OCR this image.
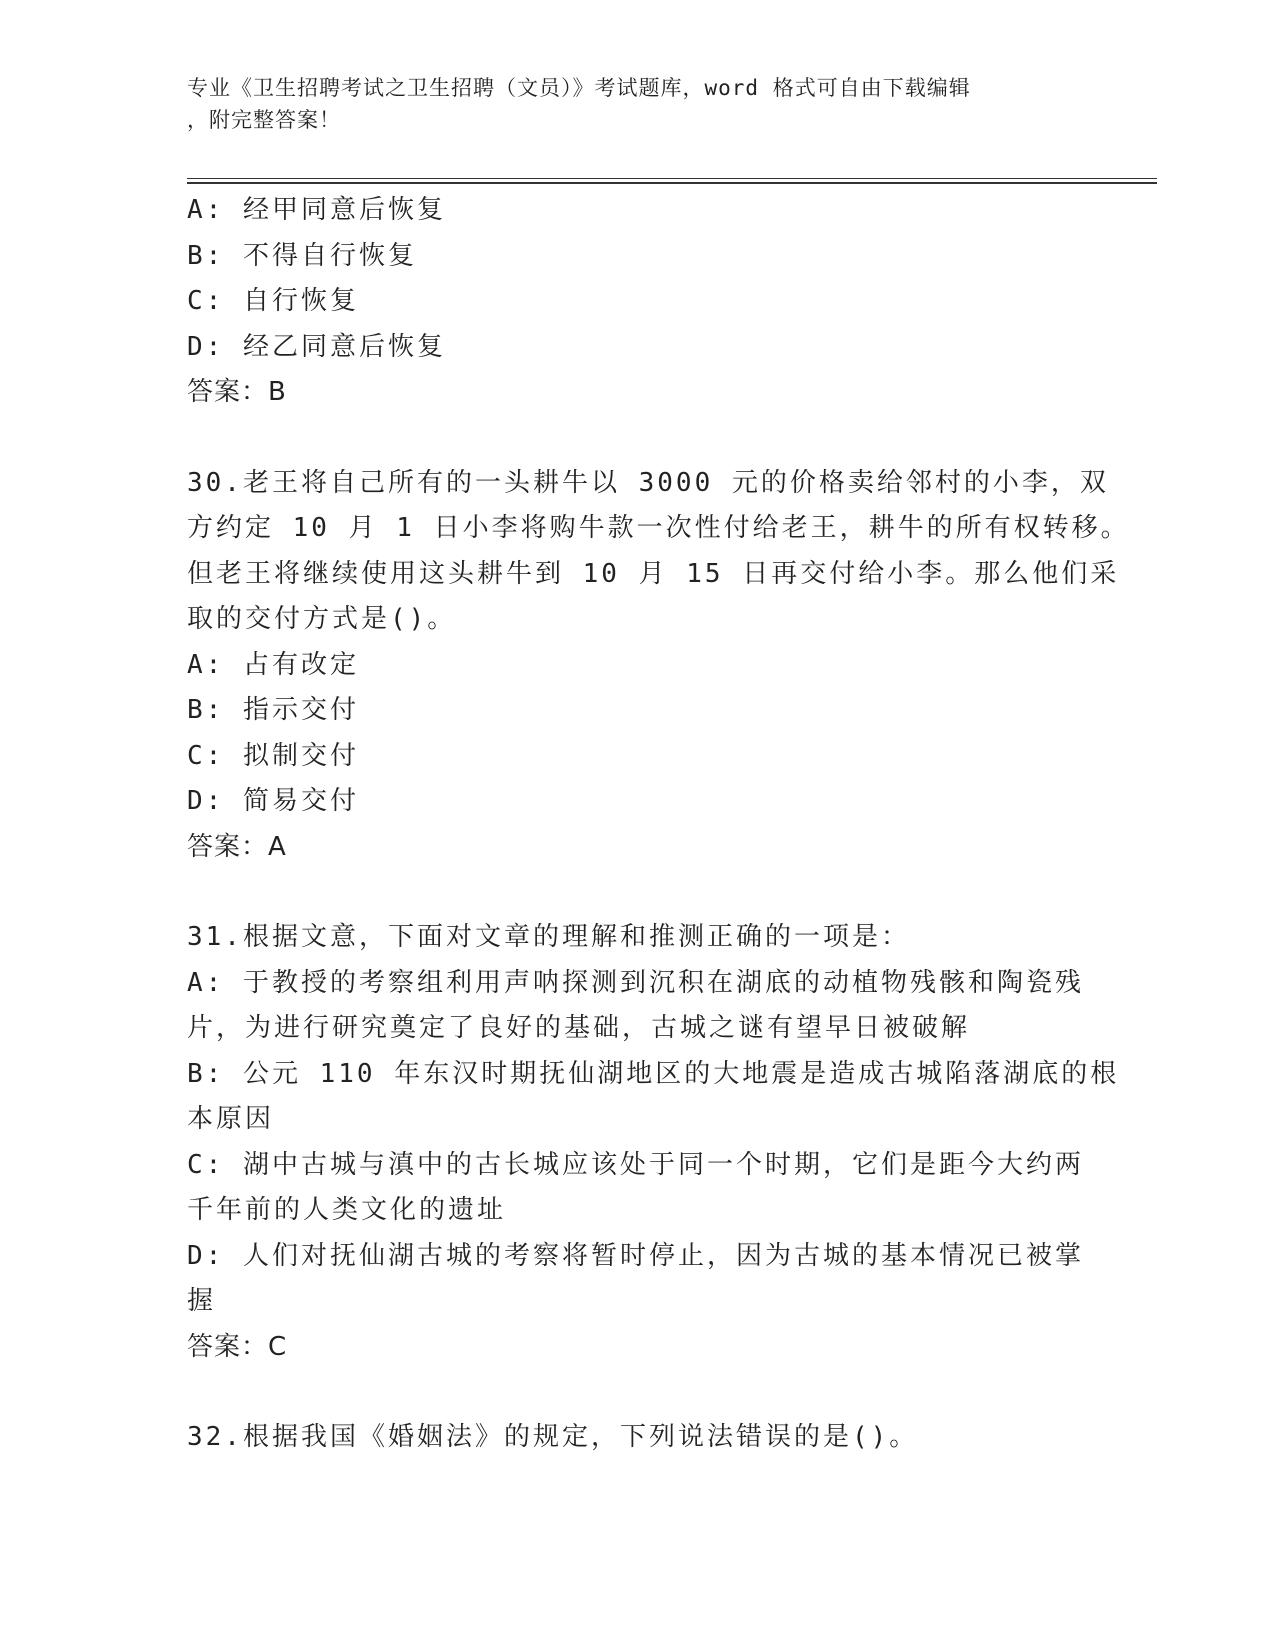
专业《卫生招聘考试之卫生招聘（文员）》考试题库，word 格式可自由下载编辑
，附完整答案！
A: 经甲同意后恢复
B: 不得自行恢复
C: 自行恢复
D: 经乙同意后恢复
答案：B
30.老王将自己所有的一头耕牛以 3000 元的价格卖给邻村的小李，双
方约定 10 月 1 日小李将购牛款一次性付给老王，耕牛的所有权转移。
但老王将继续使用这头耕牛到 10 月 15 日再交付给小李。那么他们采
取的交付方式是()。
A: 占有改定
B: 指示交付
C: 拟制交付
D: 简易交付
答案：A
31.根据文意，下面对文章的理解和推测正确的一项是：
A: 于教授的考察组利用声呐探测到沉积在湖底的动植物残骸和陶瓷残
片，为进行研究奠定了良好的基础，古城之谜有望早日被破解
B: 公元 110 年东汉时期抚仙湖地区的大地震是造成古城陷落湖底的根
本原因
C: 湖中古城与滇中的古长城应该处于同一个时期，它们是距今大约两
千年前的人类文化的遗址
D: 人们对抚仙湖古城的考察将暂时停止，因为古城的基本情况已被掌
握
答案：C
32.根据我国《婚姻法》的规定，下列说法错误的是()。
